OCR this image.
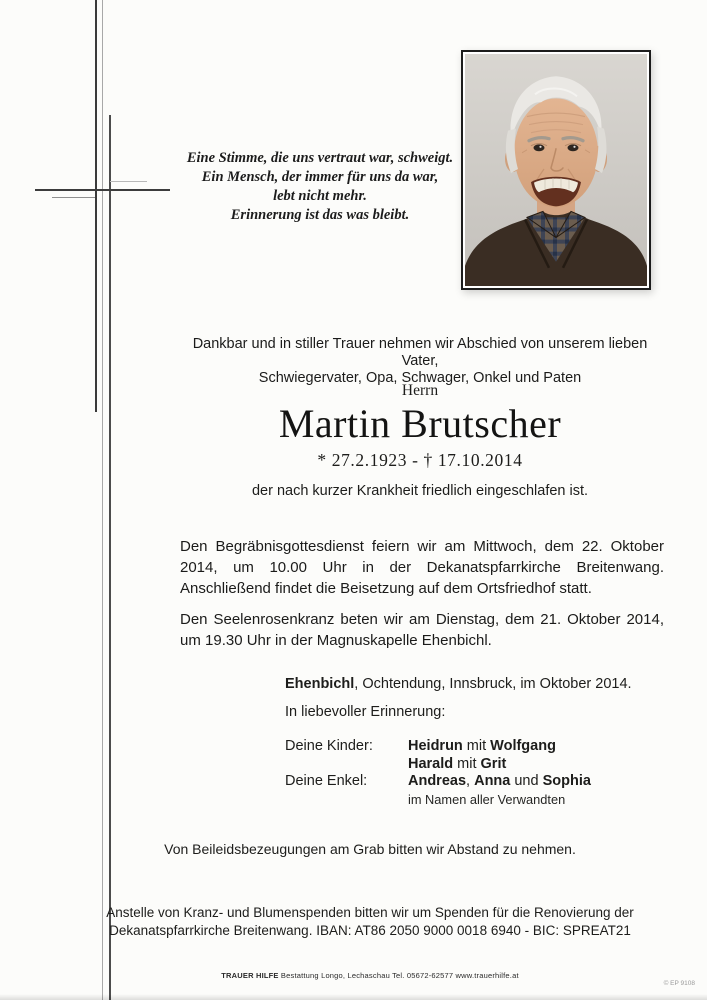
Eine Stimme, die uns vertraut war, schweigt.
Ein Mensch, der immer für uns da war,
lebt nicht mehr.
Erinnerung ist das was bleibt.
Dankbar und in stiller Trauer nehmen wir Abschied von unserem lieben Vater,
Schwiegervater, Opa, Schwager, Onkel und Paten
Herrn
Martin Brutscher
* 27.2.1923 - † 17.10.2014
der nach kurzer Krankheit friedlich eingeschlafen ist.

Den Begräbnisgottesdienst feiern wir am Mittwoch, dem 22. Oktober 2014, um 10.00 Uhr in der Dekanatspfarrkirche Breitenwang. Anschließend findet die Beisetzung auf dem Ortsfriedhof statt.

Den Seelenrosenkranz beten wir am Dienstag, dem 21. Oktober 2014, um 19.30 Uhr in der Magnuskapelle Ehenbichl.

Ehenbichl, Ochtendung, Innsbruck, im Oktober 2014.
In liebevoller Erinnerung:
Deine Kinder:	Heidrun mit Wolfgang
Harald mit Grit
Deine Enkel:	Andreas, Anna und Sophia
im Namen aller Verwandten
Von Beileidsbezeugungen am Grab bitten wir Abstand zu nehmen.
Anstelle von Kranz- und Blumenspenden bitten wir um Spenden für die Renovierung der
Dekanatspfarrkirche Breitenwang. IBAN: AT86 2050 9000 0018 6940 - BIC: SPREAT21
TRAUER HILFE Bestattung Longo, Lechaschau Tel. 05672-62577 www.trauerhilfe.at
© EP 9108
